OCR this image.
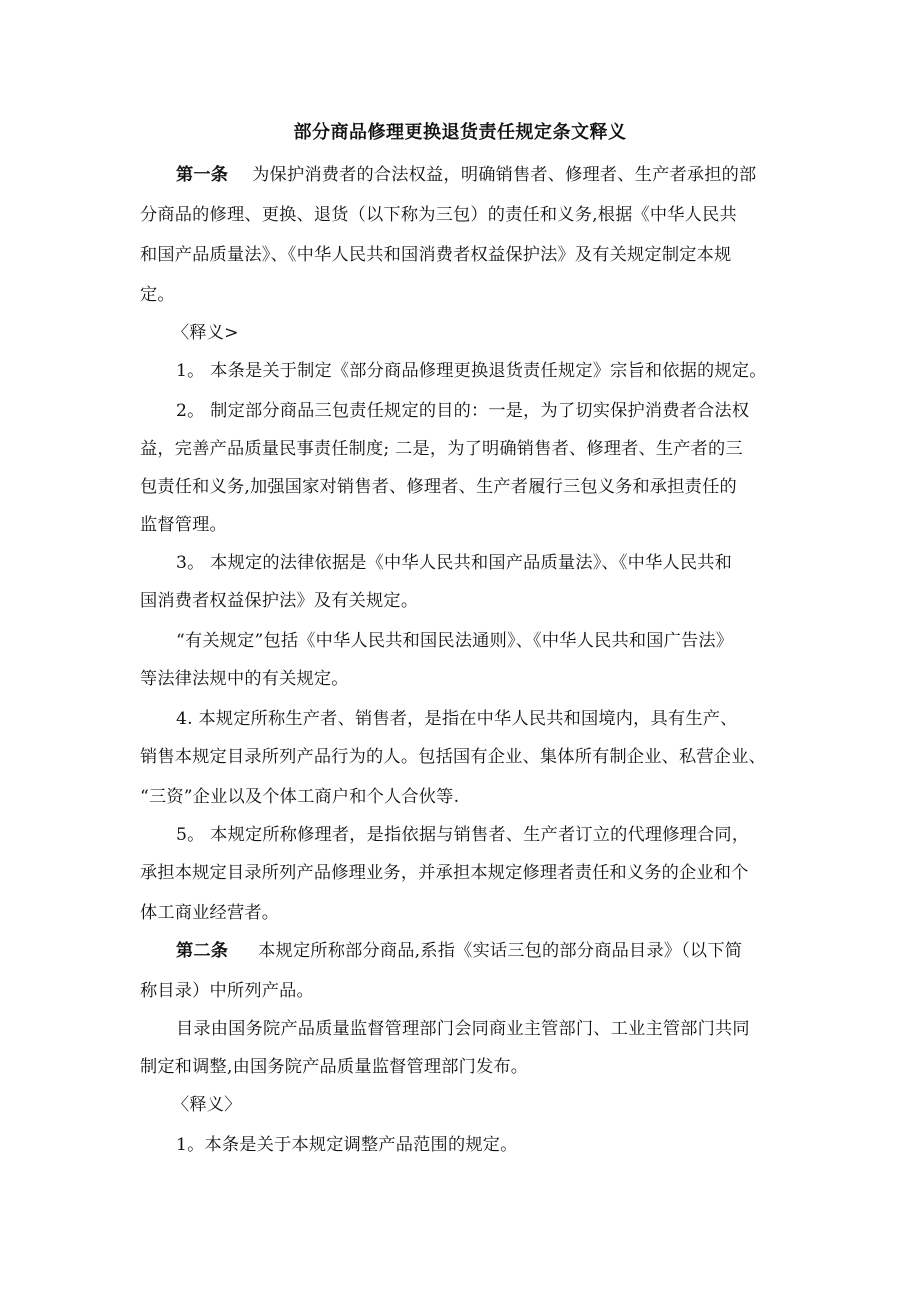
部分商品修理更换退货责任规定条文释义
第一条 为保护消费者的合法权益，明确销售者、修理者、生产者承担的部
分商品的修理、更换、退货（以下称为三包）的责任和义务,根据《中华人民共
和国产品质量法》、《中华人民共和国消费者权益保护法》及有关规定制定本规
定。
〈释义>
1。 本条是关于制定《部分商品修理更换退货责任规定》宗旨和依据的规定。
2。 制定部分商品三包责任规定的目的：一是，为了切实保护消费者合法权
益，完善产品质量民事责任制度; 二是，为了明确销售者、修理者、生产者的三
包责任和义务,加强国家对销售者、修理者、生产者履行三包义务和承担责任的
监督管理。
3。 本规定的法律依据是《中华人民共和国产品质量法》、《中华人民共和
国消费者权益保护法》及有关规定。
“有关规定”包括《中华人民共和国民法通则》、《中华人民共和国广告法》
等法律法规中的有关规定。
4. 本规定所称生产者、销售者，是指在中华人民共和国境内，具有生产、
销售本规定目录所列产品行为的人。包括国有企业、集体所有制企业、私营企业、
“三资”企业以及个体工商户和个人合伙等.
5。 本规定所称修理者，是指依据与销售者、生产者订立的代理修理合同，
承担本规定目录所列产品修理业务，并承担本规定修理者责任和义务的企业和个
体工商业经营者。
第二条 本规定所称部分商品,系指《实话三包的部分商品目录》（以下简
称目录）中所列产品。
目录由国务院产品质量监督管理部门会同商业主管部门、工业主管部门共同
制定和调整,由国务院产品质量监督管理部门发布。
〈释义〉
1。本条是关于本规定调整产品范围的规定。
